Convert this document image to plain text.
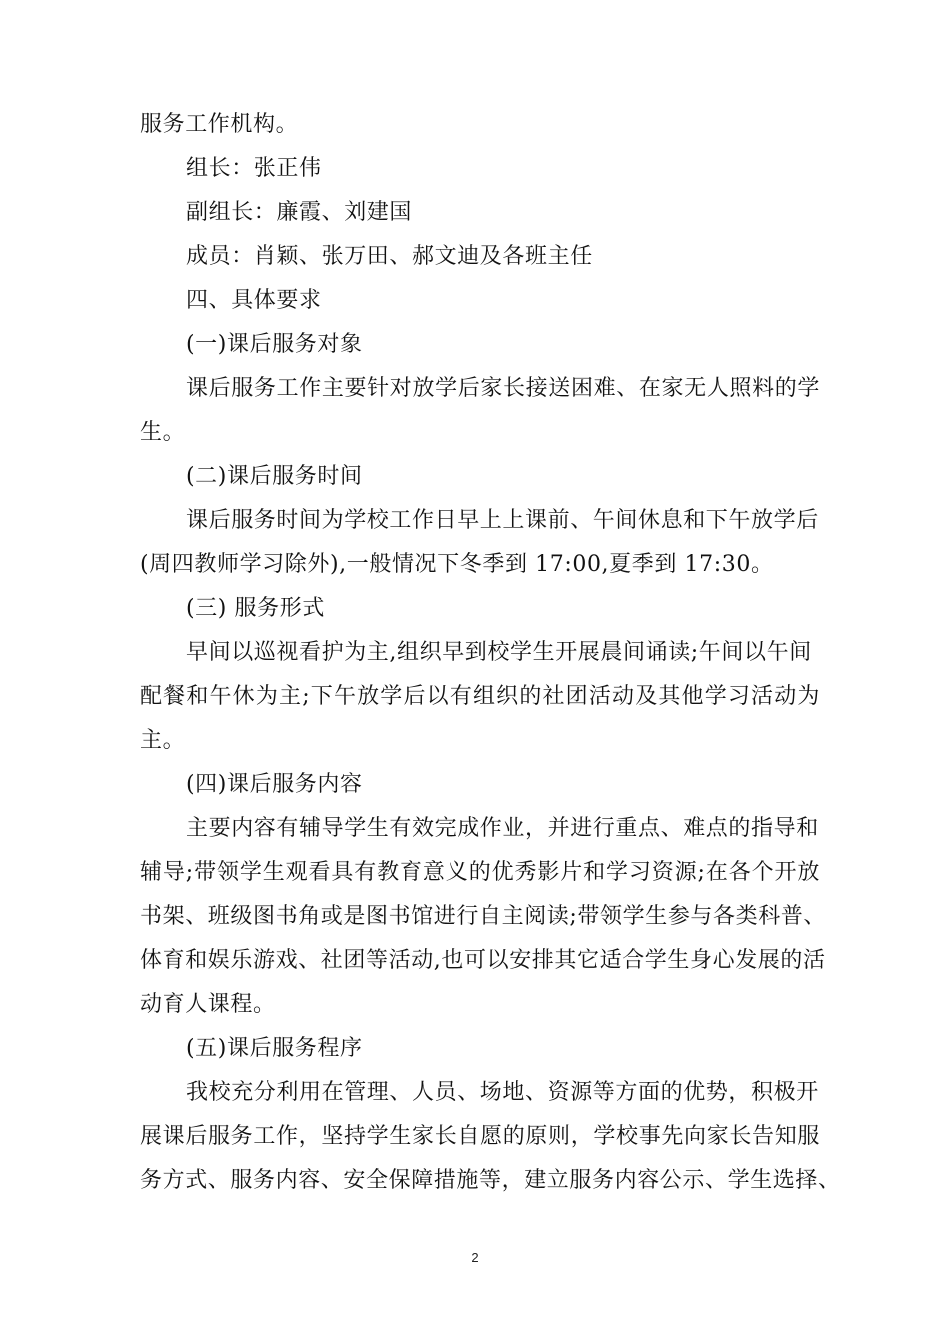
服务工作机构。
组长：张正伟
副组长：廉霞、刘建国
成员：肖颖、张万田、郝文迪及各班主任
四、具体要求
(一)课后服务对象
课后服务工作主要针对放学后家长接送困难、在家无人照料的学
生。
(二)课后服务时间
课后服务时间为学校工作日早上上课前、午间休息和下午放学后
(周四教师学习除外),一般情况下冬季到 17:00,夏季到 17:30。
(三) 服务形式
早间以巡视看护为主,组织早到校学生开展晨间诵读;午间以午间
配餐和午休为主;下午放学后以有组织的社团活动及其他学习活动为
主。
(四)课后服务内容
主要内容有辅导学生有效完成作业，并进行重点、难点的指导和
辅导;带领学生观看具有教育意义的优秀影片和学习资源;在各个开放
书架、班级图书角或是图书馆进行自主阅读;带领学生参与各类科普、
体育和娱乐游戏、社团等活动,也可以安排其它适合学生身心发展的活
动育人课程。
(五)课后服务程序
我校充分利用在管理、人员、场地、资源等方面的优势，积极开
展课后服务工作，坚持学生家长自愿的原则，学校事先向家长告知服
务方式、服务内容、安全保障措施等，建立服务内容公示、学生选择、
2
